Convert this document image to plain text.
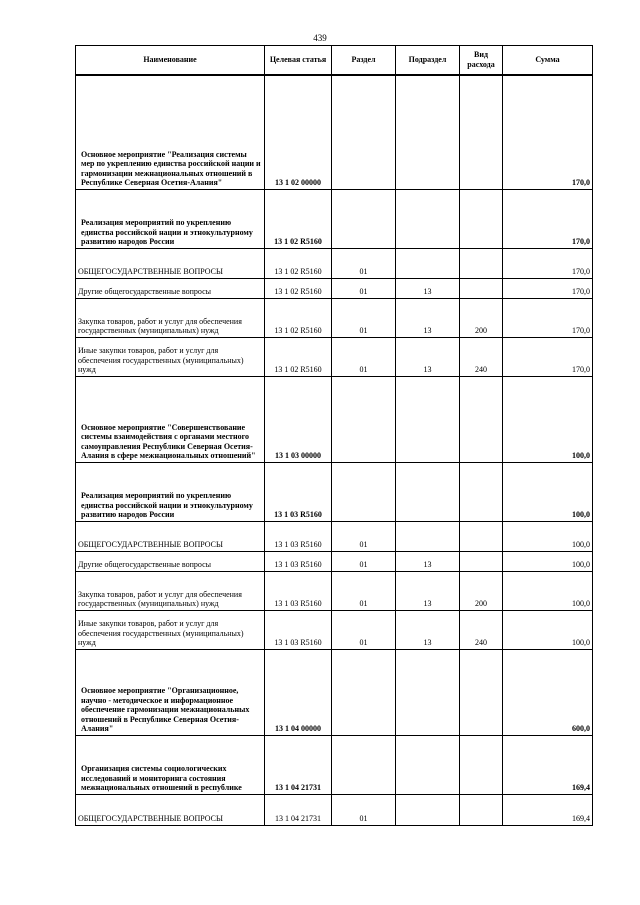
439
Наименование	Целевая статья	Раздел	Подраздел	Вид расхода	Сумма
Основное мероприятие "Реализация системы мер по укреплению единства российской нации и гармонизации межнациональных отношений в Республике Северная Осетия-Алания"	13 1 02 00000				170,0
Реализация мероприятий по укреплению единства российской нации и этнокультурному развитию народов России	13 1 02 R5160				170,0
ОБЩЕГОСУДАРСТВЕННЫЕ ВОПРОСЫ	13 1 02 R5160	01			170,0
Другие общегосударственные вопросы	13 1 02 R5160	01	13		170,0
Закупка товаров, работ и услуг для обеспечения государственных (муниципальных) нужд	13 1 02 R5160	01	13	200	170,0
Иные закупки товаров, работ и услуг для обеспечения государственных (муниципальных) нужд	13 1 02 R5160	01	13	240	170,0
Основное мероприятие "Совершенствование системы взаимодействия с органами местного самоуправления Республики Северная Осетия-Алания в сфере межнациональных отношений"	13 1 03 00000				100,0
Реализация мероприятий по укреплению единства российской нации и этнокультурному развитию народов России	13 1 03 R5160				100,0
ОБЩЕГОСУДАРСТВЕННЫЕ ВОПРОСЫ	13 1 03 R5160	01			100,0
Другие общегосударственные вопросы	13 1 03 R5160	01	13		100,0
Закупка товаров, работ и услуг для обеспечения государственных (муниципальных) нужд	13 1 03 R5160	01	13	200	100,0
Иные закупки товаров, работ и услуг для обеспечения государственных (муниципальных) нужд	13 1 03 R5160	01	13	240	100,0
Основное мероприятие "Организационное, научно - методическое и информационное обеспечение гармонизации межнациональных отношений в Республике Северная Осетия-Алания"	13 1 04 00000				600,0
Организация системы социологических исследований и мониторинга состояния межнациональных отношений в республике	13 1 04 21731				169,4
ОБЩЕГОСУДАРСТВЕННЫЕ ВОПРОСЫ	13 1 04 21731	01			169,4
